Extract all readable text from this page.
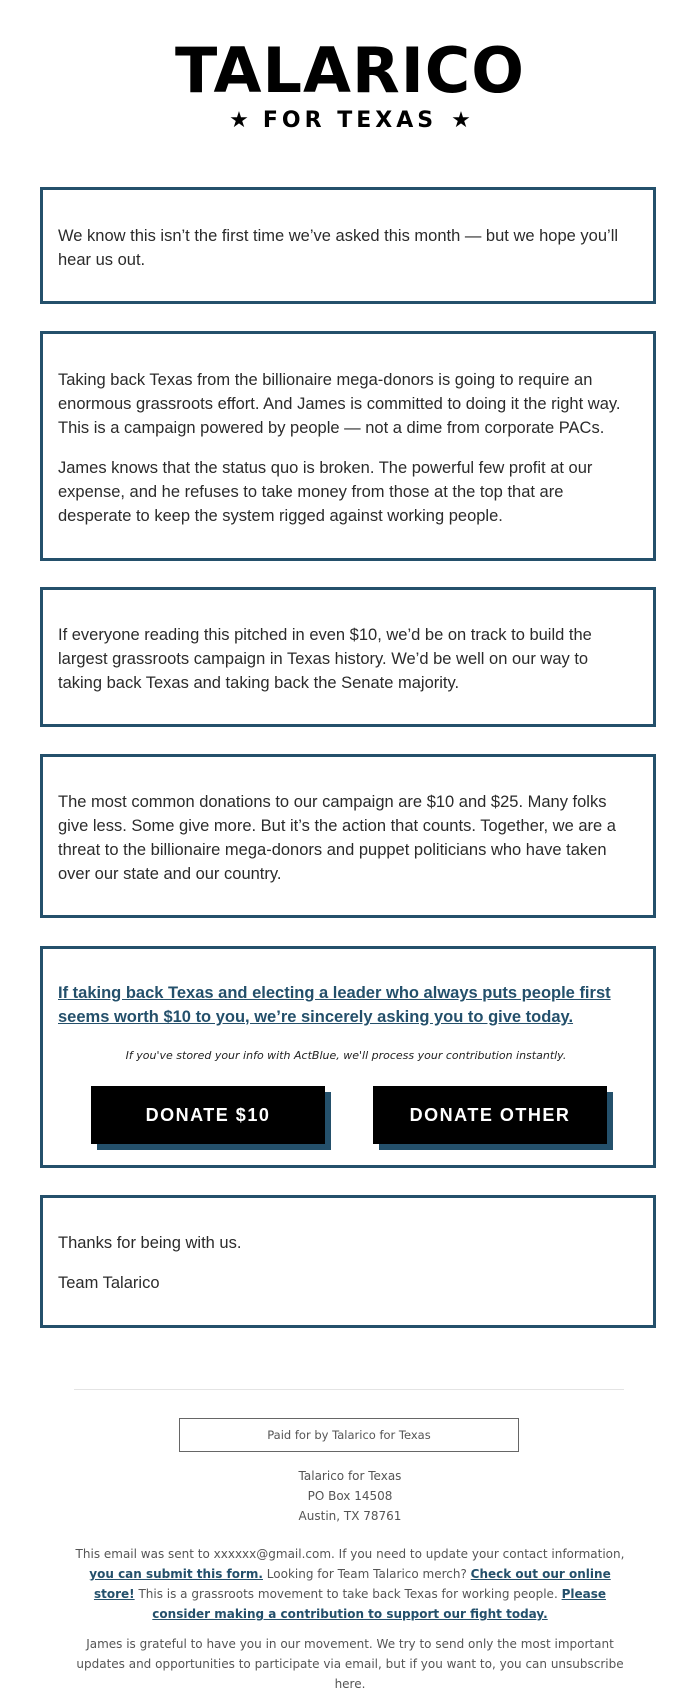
TALARICO
★ FOR TEXAS ★

We know this isn’t the first time we’ve asked this month — but we hope you’ll hear us out.

Taking back Texas from the billionaire mega-donors is going to require an enormous grassroots effort. And James is committed to doing it the right way. This is a campaign powered by people — not a dime from corporate PACs.

James knows that the status quo is broken. The powerful few profit at our expense, and he refuses to take money from those at the top that are desperate to keep the system rigged against working people.

If everyone reading this pitched in even $10, we’d be on track to build the largest grassroots campaign in Texas history. We’d be well on our way to taking back Texas and taking back the Senate majority.

The most common donations to our campaign are $10 and $25. Many folks give less. Some give more. But it’s the action that counts. Together, we are a threat to the billionaire mega-donors and puppet politicians who have taken over our state and our country.

If taking back Texas and electing a leader who always puts people first seems worth $10 to you, we’re sincerely asking you to give today.
If you've stored your info with ActBlue, we'll process your contribution instantly.
DONATE $10	DONATE OTHER

Thanks for being with us.

Team Talarico

Paid for by Talarico for Texas
Talarico for Texas
PO Box 14508
Austin, TX 78761
This email was sent to xxxxxx@gmail.com. If you need to update your contact information, you can submit this form. Looking for Team Talarico merch? Check out our online store! This is a grassroots movement to take back Texas for working people. Please consider making a contribution to support our fight today.
James is grateful to have you in our movement. We try to send only the most important updates and opportunities to participate via email, but if you want to, you can unsubscribe here.
